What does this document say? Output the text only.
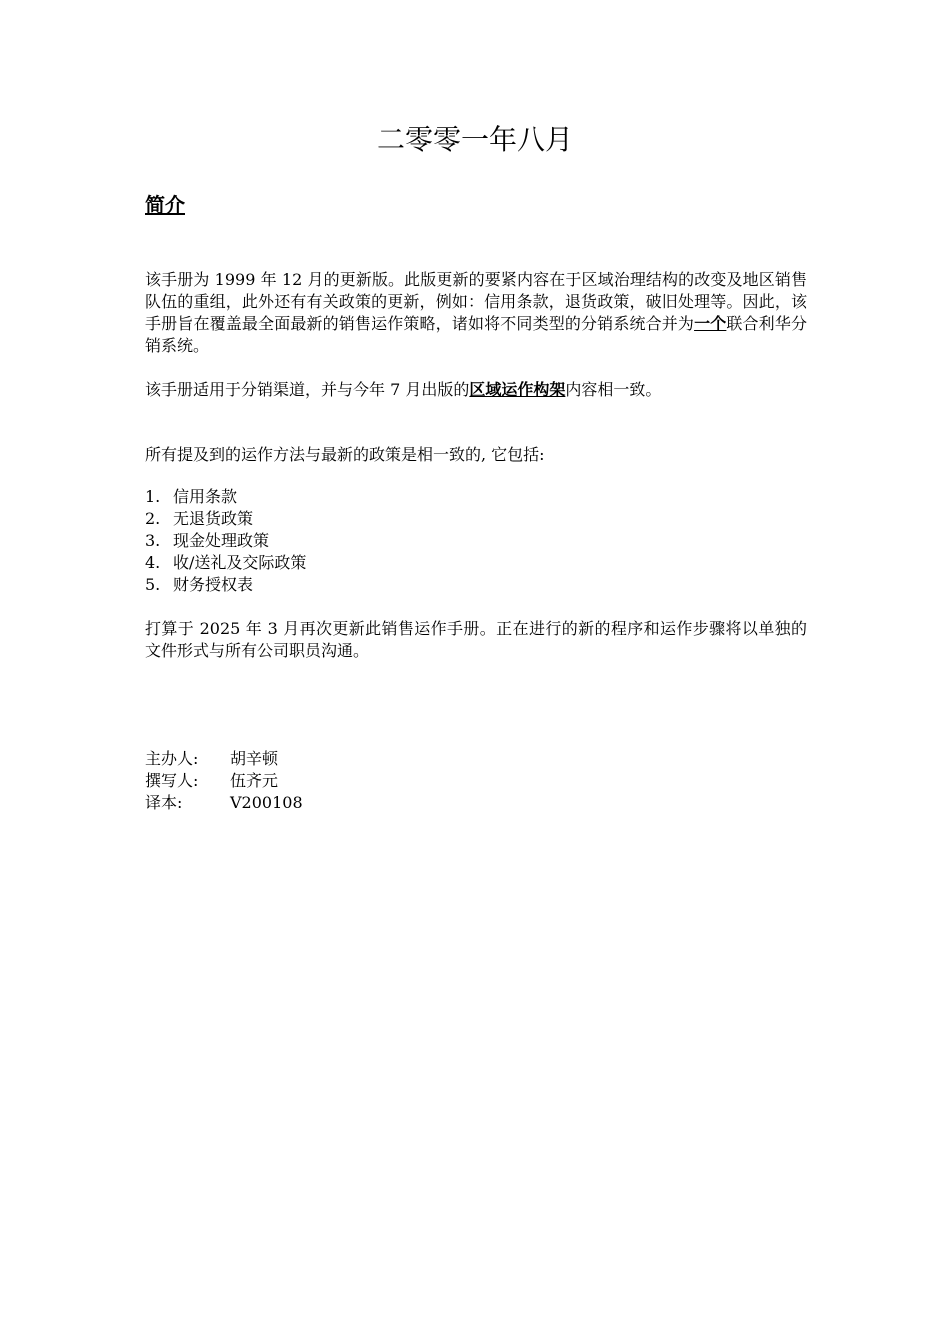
二零零一年八月
简介

该手册为 1999 年 12 月的更新版。此版更新的要紧内容在于区域治理结构的改变及地区销售队伍的重组，此外还有有关政策的更新，例如：信用条款，退货政策，破旧处理等。因此，该手册旨在覆盖最全面最新的销售运作策略，诸如将不同类型的分销系统合并为一个联合利华分销系统。

该手册适用于分销渠道，并与今年 7 月出版的区域运作构架内容相一致。

所有提及到的运作方法与最新的政策是相一致的, 它包括:

1. 信用条款
2. 无退货政策
3. 现金处理政策
4. 收/送礼及交际政策
5. 财务授权表

打算于 2025 年 3 月再次更新此销售运作手册。正在进行的新的程序和运作步骤将以单独的文件形式与所有公司职员沟通。

主办人:	胡辛顿
撰写人:	伍齐元
译本:	V200108
